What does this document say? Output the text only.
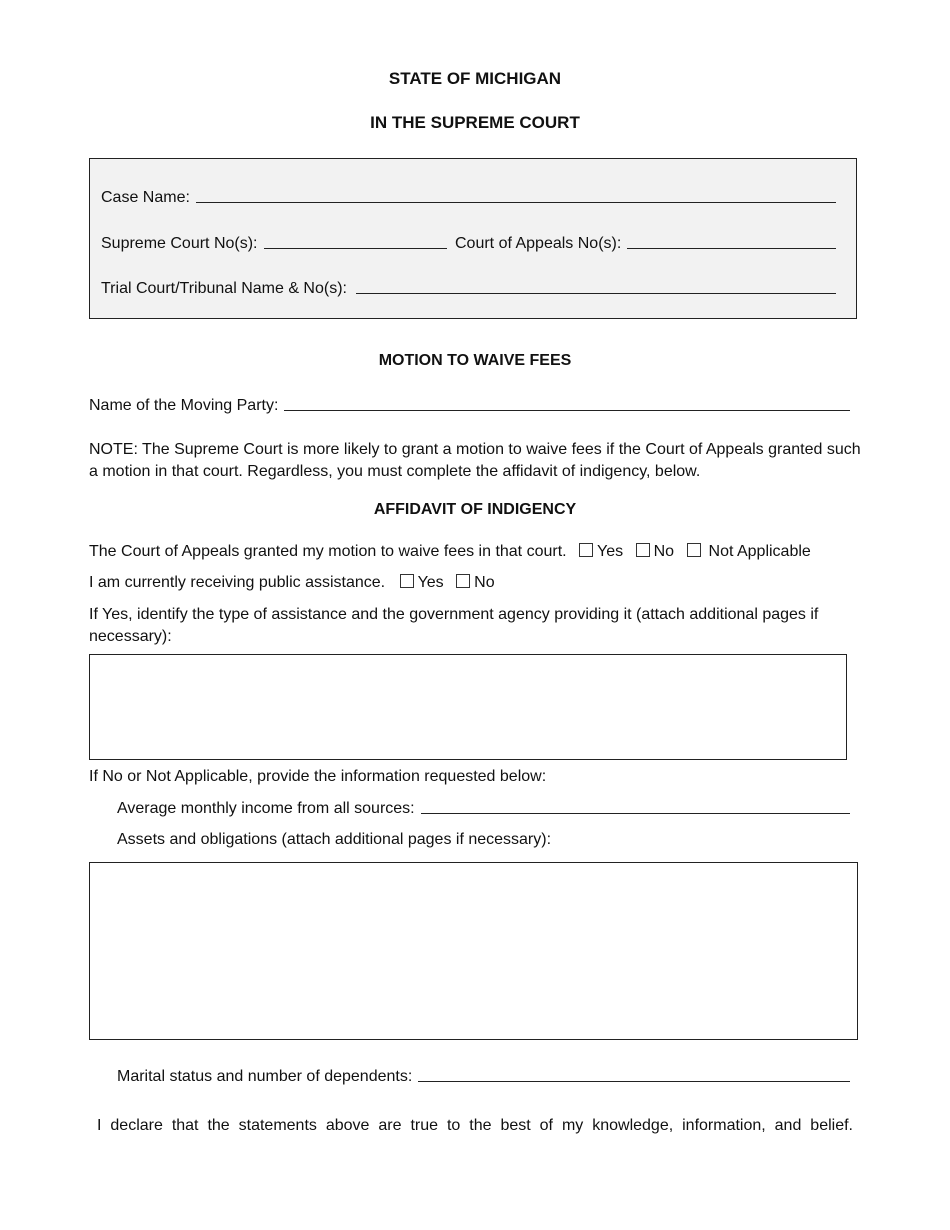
STATE OF MICHIGAN
IN THE SUPREME COURT
Case Name:
Supreme Court No(s):	Court of Appeals No(s):
Trial Court/Tribunal Name & No(s):
MOTION TO WAIVE FEES
Name of the Moving Party:
NOTE: The Supreme Court is more likely to grant a motion to waive fees if the Court of Appeals granted such a motion in that court. Regardless, you must complete the affidavit of indigency, below.
AFFIDAVIT OF INDIGENCY
The Court of Appeals granted my motion to waive fees in that court. Yes No Not Applicable
I am currently receiving public assistance. Yes No
If Yes, identify the type of assistance and the government agency providing it (attach additional pages if necessary):
If No or Not Applicable, provide the information requested below:
Average monthly income from all sources:
Assets and obligations (attach additional pages if necessary):
Marital status and number of dependents:
I declare that the statements above are true to the best of my knowledge, information, and belief.
